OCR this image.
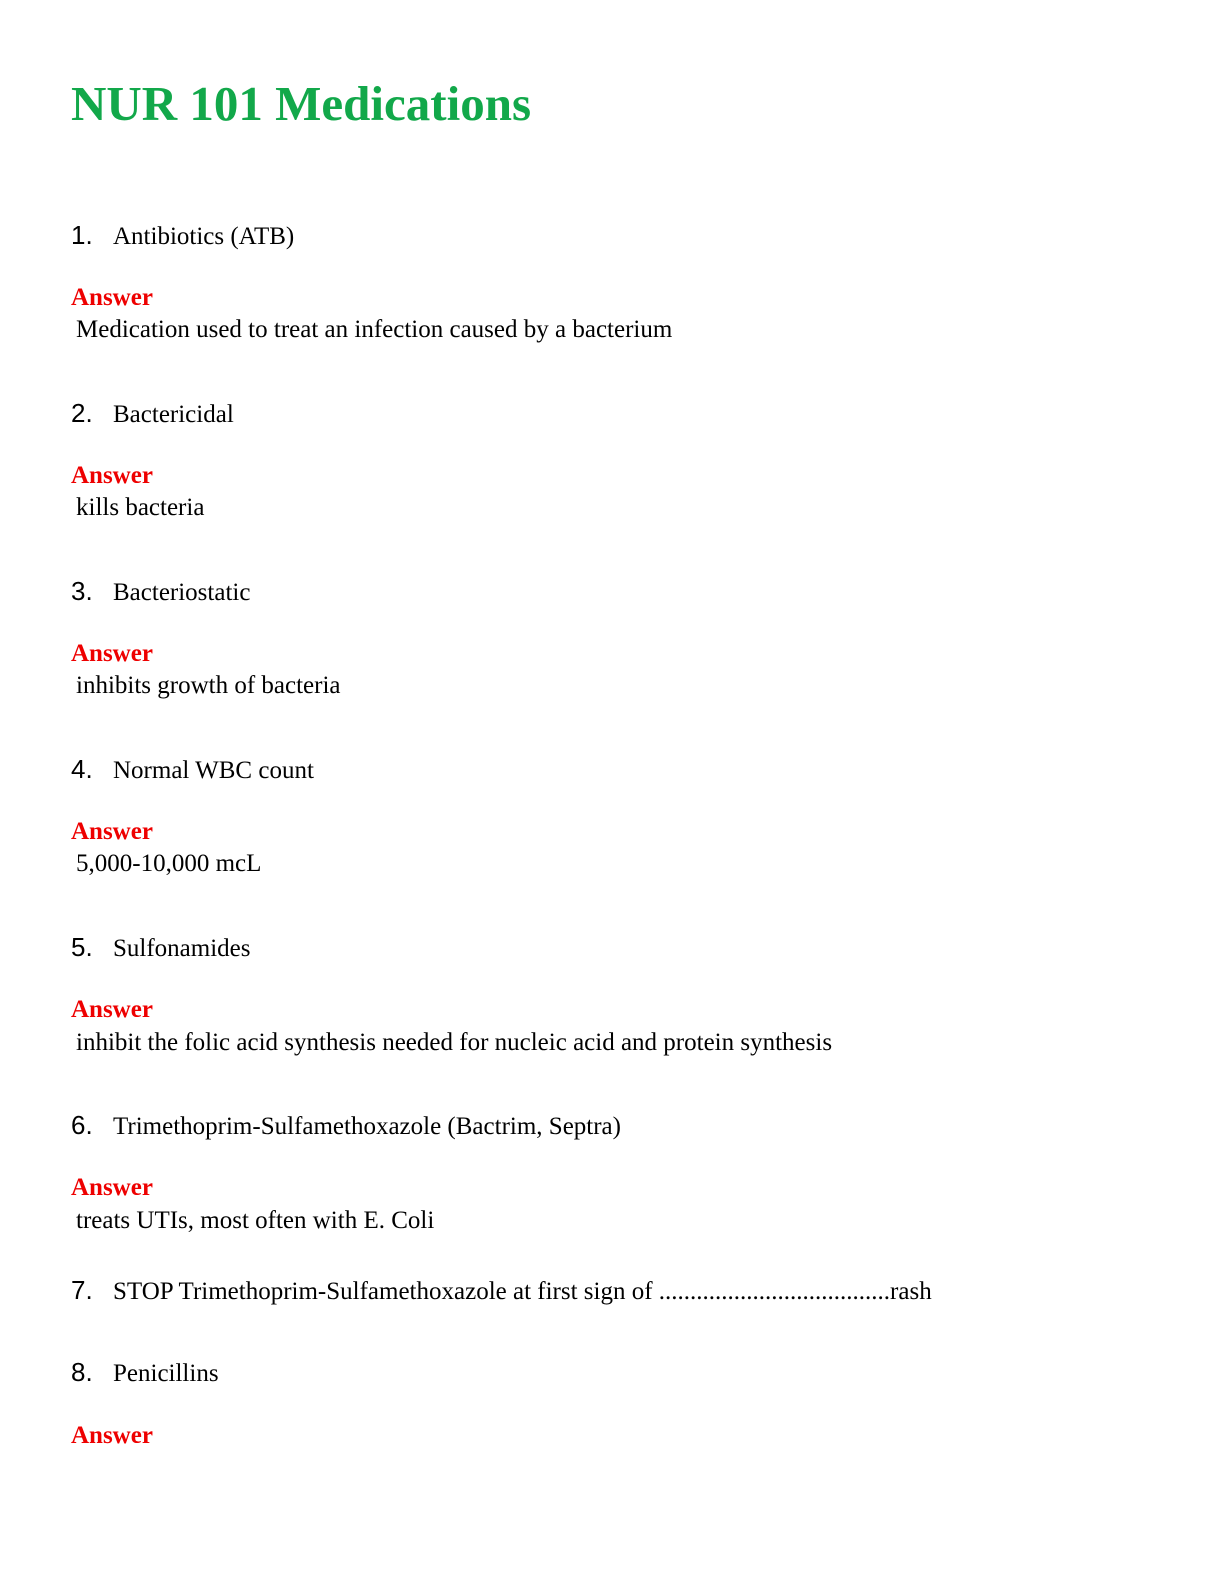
NUR 101 Medications
1. Antibiotics (ATB)
Answer
Medication used to treat an infection caused by a bacterium
2. Bactericidal
Answer
kills bacteria
3. Bacteriostatic
Answer
inhibits growth of bacteria
4. Normal WBC count
Answer
5,000-10,000 mcL
5. Sulfonamides
Answer
inhibit the folic acid synthesis needed for nucleic acid and protein synthesis
6. Trimethoprim-Sulfamethoxazole (Bactrim, Septra)
Answer
treats UTIs, most often with E. Coli
7. STOP Trimethoprim-Sulfamethoxazole at first sign of .....................................rash
8. Penicillins
Answer
